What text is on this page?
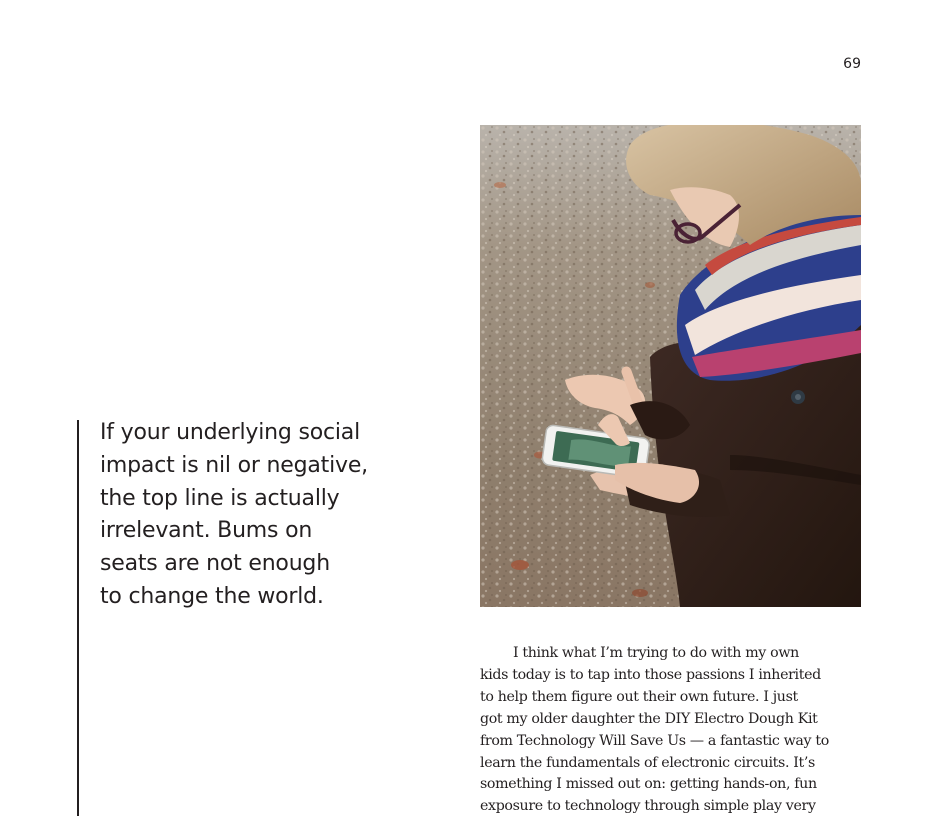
69

If your underlying social
impact is nil or negative,
the top line is actually
irrelevant. Bums on
seats are not enough
to change the world.

I think what I’m trying to do with my own
kids today is to tap into those passions I inherited
to help them figure out their own future. I just
got my older daughter the DIY Electro Dough Kit
from Technology Will Save Us — a fantastic way to
learn the fundamentals of electronic circuits. It’s
something I missed out on: getting hands-on, fun
exposure to technology through simple play very
